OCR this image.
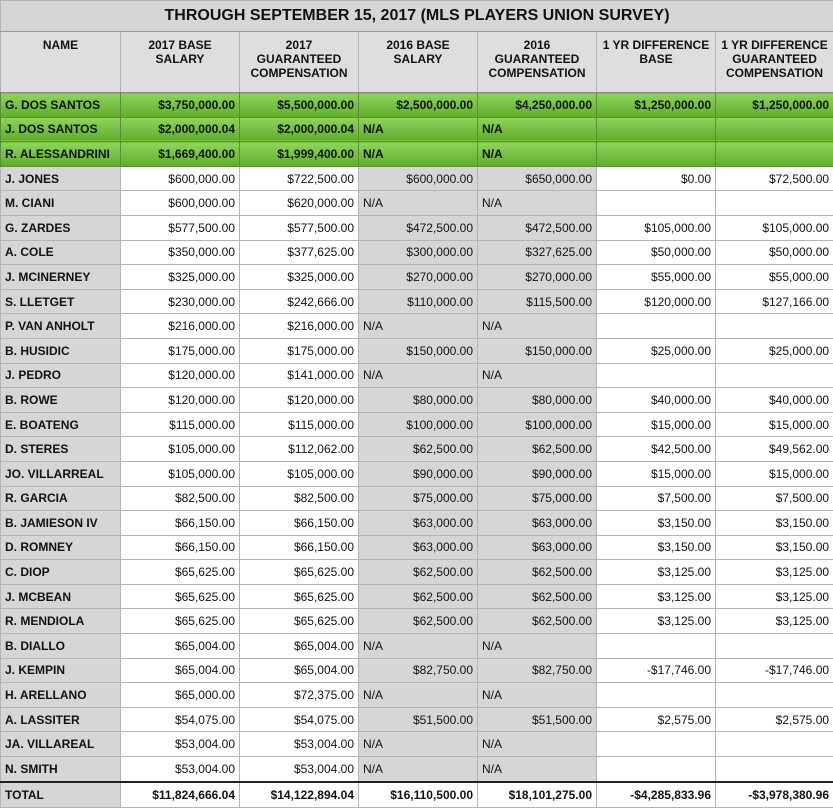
THROUGH SEPTEMBER 15, 2017 (MLS PLAYERS UNION SURVEY)						
NAME	2017 BASE SALARY	2017 GUARANTEED COMPENSATION	2016 BASE SALARY	2016 GUARANTEED COMPENSATION	1 YR DIFFERENCE BASE	1 YR DIFFERENCE GUARANTEED COMPENSATION
G. DOS SANTOS	$3,750,000.00	$5,500,000.00	$2,500,000.00	$4,250,000.00	$1,250,000.00	$1,250,000.00
J. DOS SANTOS	$2,000,000.04	$2,000,000.04	N/A	N/A		
R. ALESSANDRINI	$1,669,400.00	$1,999,400.00	N/A	N/A		
J. JONES	$600,000.00	$722,500.00	$600,000.00	$650,000.00	$0.00	$72,500.00
M. CIANI	$600,000.00	$620,000.00	N/A	N/A		
G. ZARDES	$577,500.00	$577,500.00	$472,500.00	$472,500.00	$105,000.00	$105,000.00
A. COLE	$350,000.00	$377,625.00	$300,000.00	$327,625.00	$50,000.00	$50,000.00
J. MCINERNEY	$325,000.00	$325,000.00	$270,000.00	$270,000.00	$55,000.00	$55,000.00
S. LLETGET	$230,000.00	$242,666.00	$110,000.00	$115,500.00	$120,000.00	$127,166.00
P. VAN ANHOLT	$216,000.00	$216,000.00	N/A	N/A		
B. HUSIDIC	$175,000.00	$175,000.00	$150,000.00	$150,000.00	$25,000.00	$25,000.00
J. PEDRO	$120,000.00	$141,000.00	N/A	N/A		
B. ROWE	$120,000.00	$120,000.00	$80,000.00	$80,000.00	$40,000.00	$40,000.00
E. BOATENG	$115,000.00	$115,000.00	$100,000.00	$100,000.00	$15,000.00	$15,000.00
D. STERES	$105,000.00	$112,062.00	$62,500.00	$62,500.00	$42,500.00	$49,562.00
JO. VILLARREAL	$105,000.00	$105,000.00	$90,000.00	$90,000.00	$15,000.00	$15,000.00
R. GARCIA	$82,500.00	$82,500.00	$75,000.00	$75,000.00	$7,500.00	$7,500.00
B. JAMIESON IV	$66,150.00	$66,150.00	$63,000.00	$63,000.00	$3,150.00	$3,150.00
D. ROMNEY	$66,150.00	$66,150.00	$63,000.00	$63,000.00	$3,150.00	$3,150.00
C. DIOP	$65,625.00	$65,625.00	$62,500.00	$62,500.00	$3,125.00	$3,125.00
J. MCBEAN	$65,625.00	$65,625.00	$62,500.00	$62,500.00	$3,125.00	$3,125.00
R. MENDIOLA	$65,625.00	$65,625.00	$62,500.00	$62,500.00	$3,125.00	$3,125.00
B. DIALLO	$65,004.00	$65,004.00	N/A	N/A		
J. KEMPIN	$65,004.00	$65,004.00	$82,750.00	$82,750.00	-$17,746.00	-$17,746.00
H. ARELLANO	$65,000.00	$72,375.00	N/A	N/A		
A. LASSITER	$54,075.00	$54,075.00	$51,500.00	$51,500.00	$2,575.00	$2,575.00
JA. VILLAREAL	$53,004.00	$53,004.00	N/A	N/A		
N. SMITH	$53,004.00	$53,004.00	N/A	N/A		
TOTAL	$11,824,666.04	$14,122,894.04	$16,110,500.00	$18,101,275.00	-$4,285,833.96	-$3,978,380.96
